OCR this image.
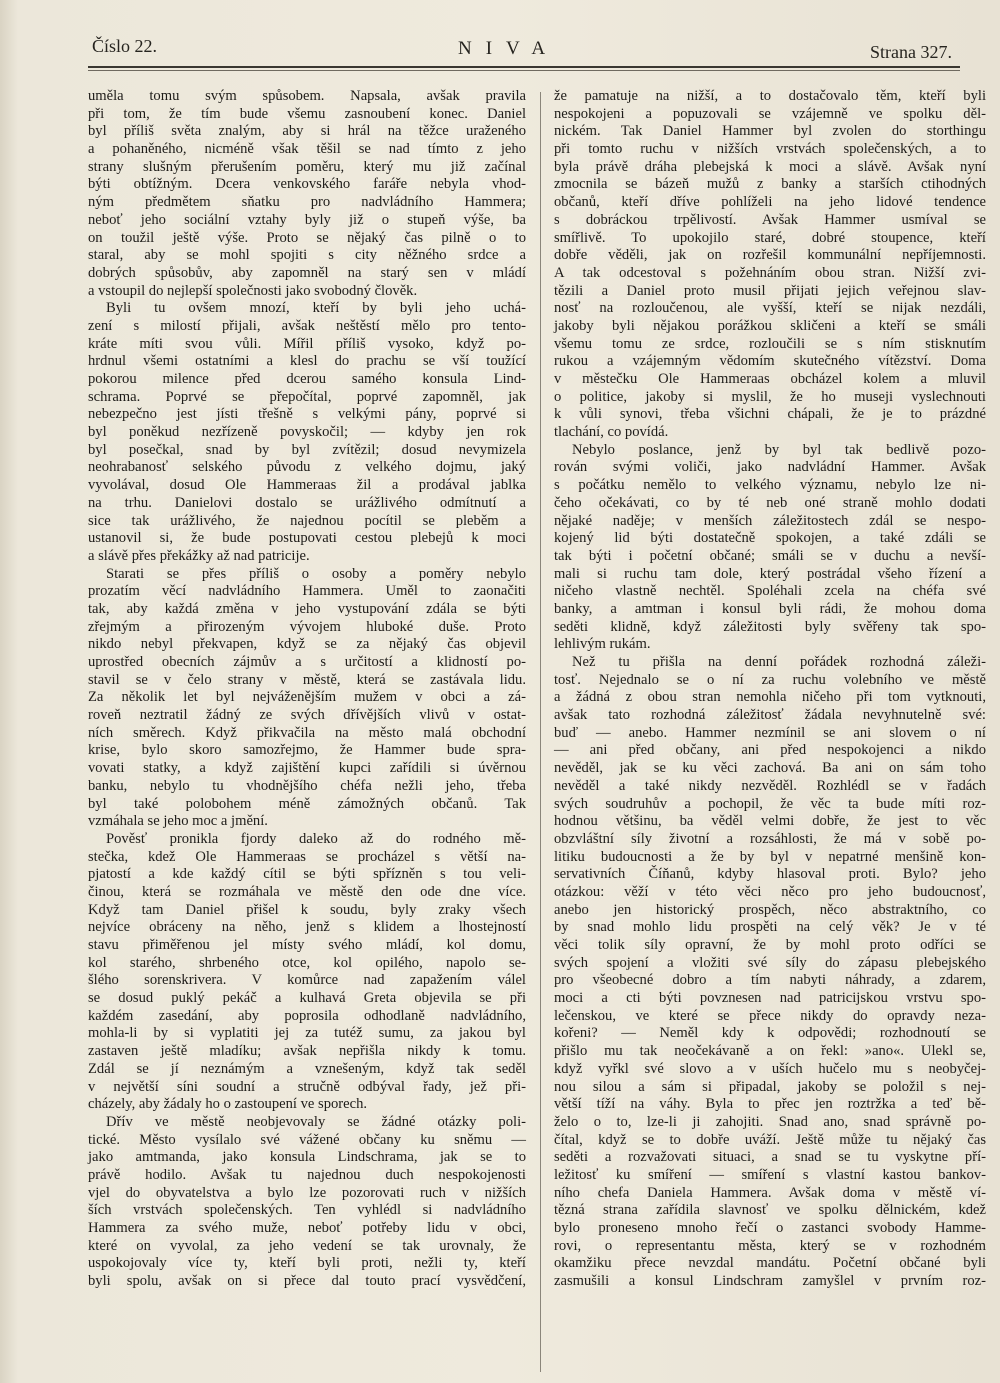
Číslo 22.	NIVA	Strana 327.
uměla tomu svým spůsobem. Napsala, avšak pravila
při tom, že tím bude všemu zasnoubení konec. Daniel
byl příliš světa znalým, aby si hrál na těžce uraženého
a pohaněného, nicméně však těšil se nad tímto z jeho
strany slušným přerušením poměru, který mu již začínal
býti obtížným. Dcera venkovského faráře nebyla vhod-
ným předmětem sňatku pro nadvládního Hammera;
neboť jeho sociální vztahy byly již o stupeň výše, ba
on toužil ještě výše. Proto se nějaký čas pilně o to
staral, aby se mohl spojiti s city něžného srdce a
dobrých spůsobův, aby zapomněl na starý sen v mládí
a vstoupil do nejlepší společnosti jako svobodný člověk.
Byli tu ovšem mnozí, kteří by byli jeho uchá-
zení s milostí přijali, avšak neštěstí mělo pro tento-
kráte míti svou vůli. Mířil příliš vysoko, když po-
hrdnul všemi ostatními a klesl do prachu se vší toužící
pokorou milence před dcerou samého konsula Lind-
schrama. Poprvé se přepočítal, poprvé zapomněl, jak
nebezpečno jest jísti třešně s velkými pány, poprvé si
byl poněkud nezřízeně povyskočil; — kdyby jen rok
byl posečkal, snad by byl zvítězil; dosud nevymizela
neohrabanosť selského původu z velkého dojmu, jaký
vyvolával, dosud Ole Hammeraas žil a prodával jablka
na trhu. Danielovi dostalo se urážlivého odmítnutí a
sice tak urážlivého, že najednou pocítil se pleběm a
ustanovil si, že bude postupovati cestou plebejů k moci
a slávě přes překážky až nad patricije.
Starati se přes příliš o osoby a poměry nebylo
prozatím věcí nadvládního Hammera. Uměl to zaonačiti
tak, aby každá změna v jeho vystupování zdála se býti
zřejmým a přirozeným vývojem hluboké duše. Proto
nikdo nebyl překvapen, když se za nějaký čas objevil
uprostřed obecních zájmův a s určitostí a klidností po-
stavil se v čelo strany v městě, která se zastávala lidu.
Za několik let byl nejváženějším mužem v obci a zá-
roveň neztratil žádný ze svých dřívějších vlivů v ostat-
ních směrech. Když přikvačila na město malá obchodní
krise, bylo skoro samozřejmo, že Hammer bude spra-
vovati statky, a když zajištění kupci zařídili si úvěrnou
banku, nebylo tu vhodnějšího chéfa nežli jeho, třeba
byl také polobohem méně zámožných občanů. Tak
vzmáhala se jeho moc a jmění.
Pověsť pronikla fjordy daleko až do rodného mě-
stečka, kdež Ole Hammeraas se procházel s větší na-
pjatostí a kde každý cítil se býti spřízněn s tou veli-
činou, která se rozmáhala ve městě den ode dne více.
Když tam Daniel přišel k soudu, byly zraky všech
nejvíce obráceny na něho, jenž s klidem a lhostejností
stavu přiměřenou jel místy svého mládí, kol domu,
kol starého, shrbeného otce, kol opilého, napolo se-
šlého sorenskrivera. V komůrce nad zapažením válel
se dosud puklý pekáč a kulhavá Greta objevila se při
každém zasedání, aby poprosila odhodlaně nadvládního,
mohla-li by si vyplatiti jej za tutéž sumu, za jakou byl
zastaven ještě mladíku; avšak nepřišla nikdy k tomu.
Zdál se jí neznámým a vznešeným, když tak seděl
v největší síni soudní a stručně odbýval řady, jež při-
cházely, aby žádaly ho o zastoupení ve sporech.
Dřív ve městě neobjevovaly se žádné otázky poli-
tické. Město vysílalo své vážené občany ku sněmu —
jako amtmanda, jako konsula Lindschrama, jak se to
právě hodilo. Avšak tu najednou duch nespokojenosti
vjel do obyvatelstva a bylo lze pozorovati ruch v nižších
ších vrstvách společenských. Ten vyhlédl si nadvládního
Hammera za svého muže, neboť potřeby lidu v obci,
které on vyvolal, za jeho vedení se tak urovnaly, že
uspokojovaly více ty, kteří byli proti, nežli ty, kteří
byli spolu, avšak on si přece dal touto prací vysvědčení,
že pamatuje na nižší, a to dostačovalo těm, kteří byli
nespokojeni a popuzovali se vzájemně ve spolku děl-
nickém. Tak Daniel Hammer byl zvolen do storthingu
při tomto ruchu v nižších vrstvách společenských, a to
byla právě dráha plebejská k moci a slávě. Avšak nyní
zmocnila se bázeň mužů z banky a starších ctihodných
občanů, kteří dříve pohlíželi na jeho lidové tendence
s dobráckou trpělivostí. Avšak Hammer usmíval se
smířlivě. To upokojilo staré, dobré stoupence, kteří
dobře věděli, jak on rozřešil kommunální nepříjemnosti.
A tak odcestoval s požehnáním obou stran. Nižší zvi-
tězili a Daniel proto musil přijati jejich veřejnou slav-
nosť na rozloučenou, ale vyšší, kteří se nijak nezdáli,
jakoby byli nějakou porážkou skličeni a kteří se smáli
všemu tomu ze srdce, rozloučili se s ním stisknutím
rukou a vzájemným vědomím skutečného vítězství. Doma
v městečku Ole Hammeraas obcházel kolem a mluvil
o politice, jakoby si myslil, že ho museji vyslechnouti
k vůli synovi, třeba všichni chápali, že je to prázdné
tlachání, co povídá.
Nebylo poslance, jenž by byl tak bedlivě pozo-
rován svými voliči, jako nadvládní Hammer. Avšak
s počátku nemělo to velkého významu, nebylo lze ni-
čeho očekávati, co by té neb oné straně mohlo dodati
nějaké naděje; v menších záležitostech zdál se nespo-
kojený lid býti dostatečně spokojen, a také zdáli se
tak býti i početní občané; smáli se v duchu a nevší-
mali si ruchu tam dole, který postrádal všeho řízení a
ničeho vlastně nechtěl. Spoléhali zcela na chéfa své
banky, a amtman i konsul byli rádi, že mohou doma
seděti klidně, když záležitosti byly svěřeny tak spo-
lehlivým rukám.
Než tu přišla na denní pořádek rozhodná záleži-
tosť. Nejednalo se o ní za ruchu volebního ve městě
a žádná z obou stran nemohla ničeho při tom vytknouti,
avšak tato rozhodná záležitosť žádala nevyhnutelně své:
buď — anebo. Hammer nezmínil se ani slovem o ní
— ani před občany, ani před nespokojenci a nikdo
nevěděl, jak se ku věci zachová. Ba ani on sám toho
nevěděl a také nikdy nezvěděl. Rozhlédl se v řadách
svých soudruhův a pochopil, že věc ta bude míti roz-
hodnou většinu, ba věděl velmi dobře, že jest to věc
obzvláštní síly životní a rozsáhlosti, že má v sobě po-
litiku budoucnosti a že by byl v nepatrné menšině kon-
servativních Číňanů, kdyby hlasoval proti. Bylo? jeho
otázkou: věží v této věci něco pro jeho budoucnosť,
anebo jen historický prospěch, něco abstraktního, co
by snad mohlo lidu prospěti na celý věk? Je v té
věci tolik síly opravní, že by mohl proto odříci se
svých spojení a vložiti své síly do zápasu plebejského
pro všeobecné dobro a tím nabyti náhrady, a zdarem,
moci a cti býti povznesen nad patricijskou vrstvu spo-
lečenskou, ve které se přece nikdy do opravdy neza-
kořeni? — Neměl kdy k odpovědi; rozhodnoutí se
přišlo mu tak neočekávaně a on řekl: »ano«. Ulekl se,
když vyřkl své slovo a v uších hučelo mu s neobyčej-
nou silou a sám si připadal, jakoby se položil s nej-
větší tíží na váhy. Byla to přec jen roztržka a teď bě-
želo o to, lze-li ji zahojiti. Snad ano, snad správně po-
čítal, když se to dobře uváží. Ještě může tu nějaký čas
seděti a rozvažovati situaci, a snad se tu vyskytne pří-
ležitosť ku smíření — smíření s vlastní kastou bankov-
ního chefa Daniela Hammera. Avšak doma v městě ví-
tězná strana zařídila slavnosť ve spolku dělnickém, kdež
bylo proneseno mnoho řečí o zastanci svobody Hamme-
rovi, o representantu města, který se v rozhodném
okamžiku přece nevzdal mandátu. Početní občané byli
zasmušili a konsul Lindschram zamyšlel v prvním roz-
